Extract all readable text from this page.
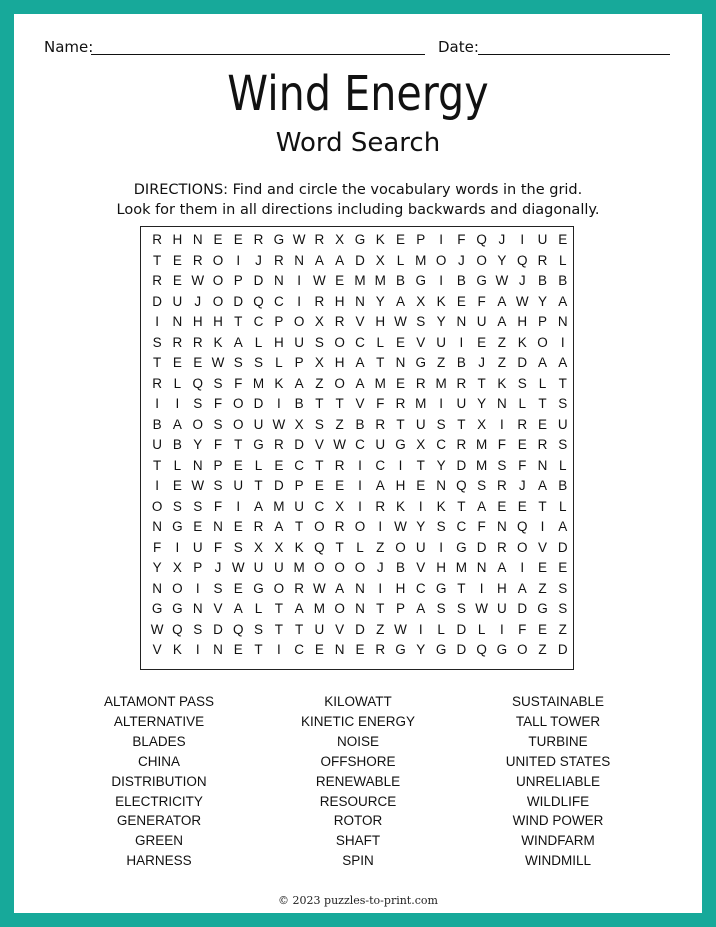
Name:	Date:
Wind Energy
Word Search
DIRECTIONS: Find and circle the vocabulary words in the grid.
Look for them in all directions including backwards and diagonally.
R H N E E R G W R X G K E P	I	F Q J	I	U E
T E R O I	J R N A A D X L M O J O Y Q R L
R E W O P D N	I W E M M B G I	B G W J B B
D U J O D Q C	I	R H N Y A X K E F A W Y A
I	N H H T C P O X R V H W S Y N U A H P N
S R R K A L H U S O C L E V U	I	E Z K O I
T E E W S S L P X H A T N G Z B J Z D A A
R L Q S F M K A Z O A M E R M R T K S L T
I	I	S F O D	I	B T T V F R M I	U Y N L T S
B A O S O U W X S Z B R T U S T X	I	R E U
U B Y F T G R D V W C U G X C R M F E R S
T L N P E L E C T R	I	C	I	T Y D M S F N L
I	E W S U T D P E E	I	A H E N Q S R J A B
O S S F	I	A M U C X	I	R K	I	K T A E E T L
N G E N E R A T O R O I W Y S C F N Q I	A
F	I	U F S X X K Q T L Z O U	I G D R O V D
Y X P J W U U M O O O J B V H M N A	I	E E
N O I	S E G O R W A N	I	H C G T	I	H A Z S
G G N V A L T A M O N T P A S S W U D G S
W Q S D Q S T T U V D Z W I	L D L	I	F E Z
V K	I	N E T	I	C E N E R G Y G D Q G O Z D
ALTAMONT PASS
ALTERNATIVE
BLADES
CHINA
DISTRIBUTION
ELECTRICITY
GENERATOR
GREEN
HARNESS
KILOWATT
KINETIC ENERGY
NOISE
OFFSHORE
RENEWABLE
RESOURCE
ROTOR
SHAFT
SPIN
SUSTAINABLE
TALL TOWER
TURBINE
UNITED STATES
UNRELIABLE
WILDLIFE
WIND POWER
WINDFARM
WINDMILL
© 2023 puzzles-to-print.com
